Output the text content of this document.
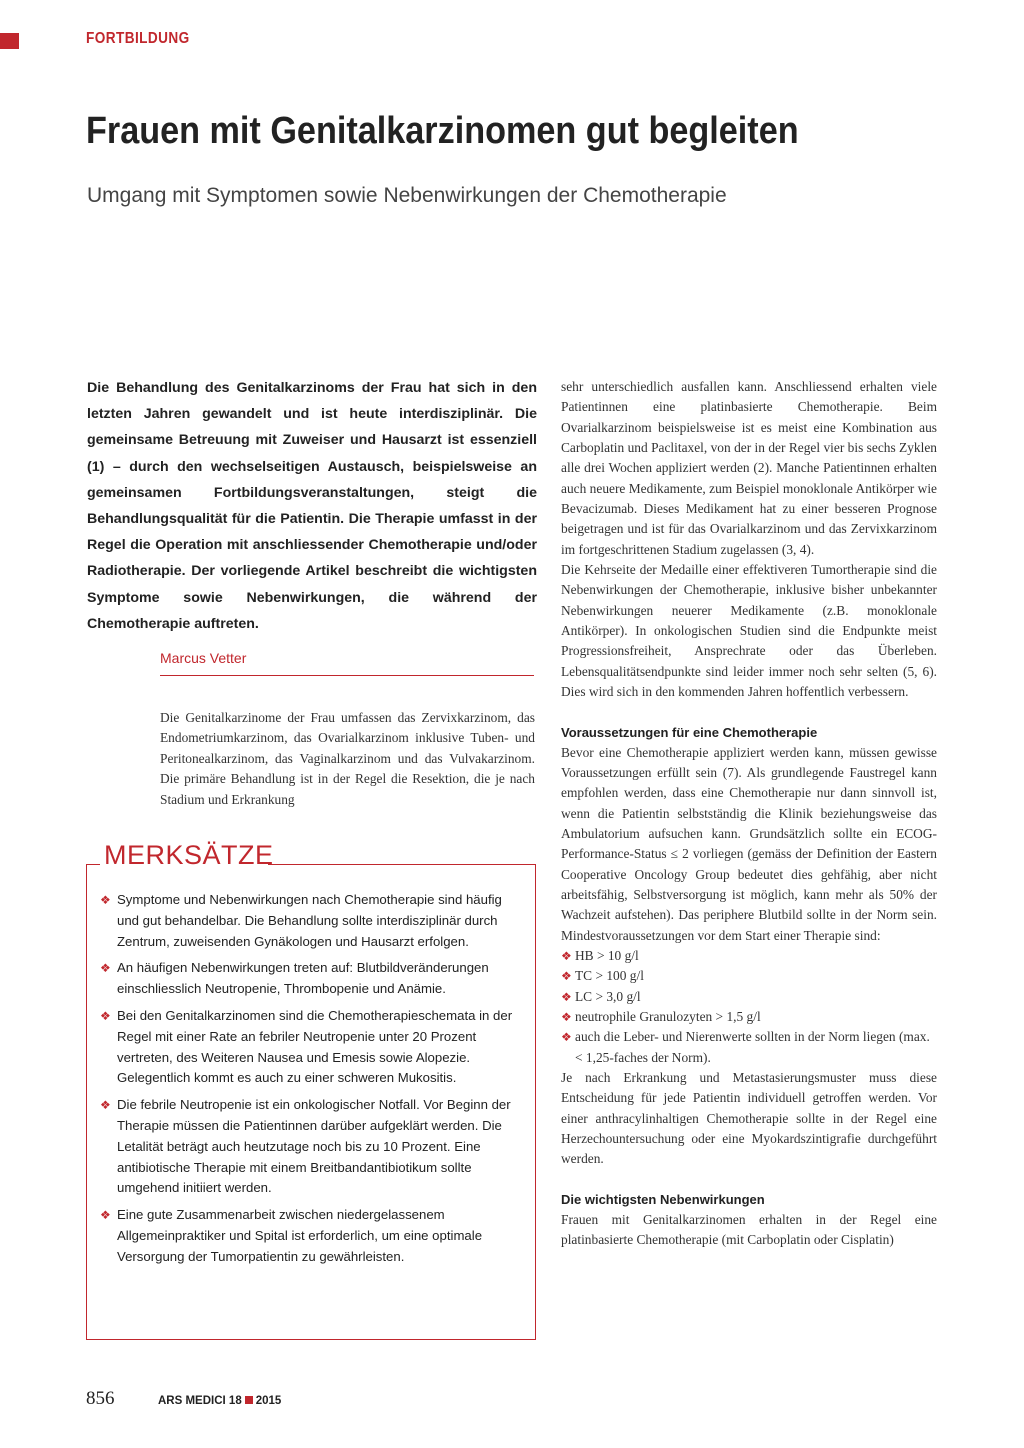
FORTBILDUNG
Frauen mit Genitalkarzinomen gut begleiten
Umgang mit Symptomen sowie Nebenwirkungen der Chemotherapie

Die Behandlung des Genitalkarzinoms der Frau hat sich in den letzten Jahren gewandelt und ist heute interdisziplinär. Die gemeinsame Betreuung mit Zuweiser und Hausarzt ist essenziell (1) – durch den wechselseitigen Austausch, beispielsweise an gemeinsamen Fortbildungsveranstaltungen, steigt die Behandlungsqualität für die Patientin. Die Therapie umfasst in der Regel die Operation mit anschliessender Chemotherapie und/oder Radiotherapie. Der vorliegende Artikel beschreibt die wichtigsten Symptome sowie Nebenwirkungen, die während der Chemotherapie auftreten.

Marcus Vetter

Die Genitalkarzinome der Frau umfassen das Zervixkarzinom, das Endometriumkarzinom, das Ovarialkarzinom inklusive Tuben- und Peritonealkarzinom, das Vaginalkarzinom und das Vulvakarzinom. Die primäre Behandlung ist in der Regel die Resektion, die je nach Stadium und Erkrankung

MERKSÄTZE
❖ Symptome und Nebenwirkungen nach Chemotherapie sind häufig und gut behandelbar. Die Behandlung sollte interdisziplinär durch Zentrum, zuweisenden Gynäkologen und Hausarzt erfolgen.
❖ An häufigen Nebenwirkungen treten auf: Blutbildveränderungen einschliesslich Neutropenie, Thrombopenie und Anämie.
❖ Bei den Genitalkarzinomen sind die Chemotherapieschemata in der Regel mit einer Rate an febriler Neutropenie unter 20 Prozent vertreten, des Weiteren Nausea und Emesis sowie Alopezie. Gelegentlich kommt es auch zu einer schweren Mukositis.
❖ Die febrile Neutropenie ist ein onkologischer Notfall. Vor Beginn der Therapie müssen die Patientinnen darüber aufgeklärt werden. Die Letalität beträgt auch heutzutage noch bis zu 10 Prozent. Eine antibiotische Therapie mit einem Breitbandantibiotikum sollte umgehend initiiert werden.
❖ Eine gute Zusammenarbeit zwischen niedergelassenem Allgemeinpraktiker und Spital ist erforderlich, um eine optimale Versorgung der Tumorpatientin zu gewährleisten.

sehr unterschiedlich ausfallen kann. Anschliessend erhalten viele Patientinnen eine platinbasierte Chemotherapie. Beim Ovarialkarzinom beispielsweise ist es meist eine Kombination aus Carboplatin und Paclitaxel, von der in der Regel vier bis sechs Zyklen alle drei Wochen appliziert werden (2). Manche Patientinnen erhalten auch neuere Medikamente, zum Beispiel monoklonale Antikörper wie Bevacizumab. Dieses Medikament hat zu einer besseren Prognose beigetragen und ist für das Ovarialkarzinom und das Zervixkarzinom im fortgeschrittenen Stadium zugelassen (3, 4).

Die Kehrseite der Medaille einer effektiveren Tumortherapie sind die Nebenwirkungen der Chemotherapie, inklusive bisher unbekannter Nebenwirkungen neuerer Medikamente (z.B. monoklonale Antikörper). In onkologischen Studien sind die Endpunkte meist Progressionsfreiheit, Ansprechrate oder das Überleben. Lebensqualitätsendpunkte sind leider immer noch sehr selten (5, 6). Dies wird sich in den kommenden Jahren hoffentlich verbessern.

Voraussetzungen für eine Chemotherapie

Bevor eine Chemotherapie appliziert werden kann, müssen gewisse Voraussetzungen erfüllt sein (7). Als grundlegende Faustregel kann empfohlen werden, dass eine Chemotherapie nur dann sinnvoll ist, wenn die Patientin selbstständig die Klinik beziehungsweise das Ambulatorium aufsuchen kann. Grundsätzlich sollte ein ECOG-Performance-Status ≤ 2 vorliegen (gemäss der Definition der Eastern Cooperative Oncology Group bedeutet dies gehfähig, aber nicht arbeitsfähig, Selbstversorgung ist möglich, kann mehr als 50% der Wachzeit aufstehen). Das periphere Blutbild sollte in der Norm sein. Mindestvoraussetzungen vor dem Start einer Therapie sind:

❖ HB > 10 g/l
❖ TC > 100 g/l
❖ LC > 3,0 g/l
❖ neutrophile Granulozyten > 1,5 g/l
❖ auch die Leber- und Nierenwerte sollten in der Norm liegen (max. < 1,25-faches der Norm).

Je nach Erkrankung und Metastasierungsmuster muss diese Entscheidung für jede Patientin individuell getroffen werden. Vor einer anthracylinhaltigen Chemotherapie sollte in der Regel eine Herzechountersuchung oder eine Myokardszintigrafie durchgeführt werden.

Die wichtigsten Nebenwirkungen

Frauen mit Genitalkarzinomen erhalten in der Regel eine platinbasierte Chemotherapie (mit Carboplatin oder Cisplatin)

856	ARS MEDICI 18 2015
